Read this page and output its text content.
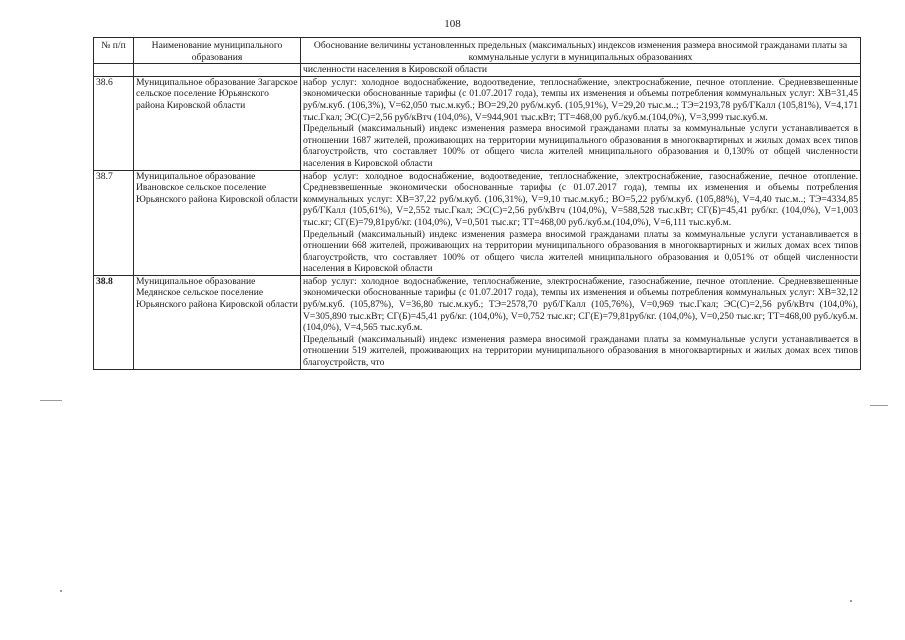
108
№ п/п	Наименование муниципального образования	Обоснование величины установленных предельных (максимальных) индексов изменения размера вносимой гражданами платы за коммунальные услуги в муниципальных образованиях
		численности населения в Кировской области
38.6	Муниципальное образование Загарское сельское поселение Юрьянского района Кировской области	набор услуг: холодное водоснабжение, водоотведение, теплоснабжение, электроснабжение, печное отопление. Средневзвешенные экономически обоснованные тарифы (с 01.07.2017 года), темпы их изменения и объемы потребления коммунальных услуг: ХВ=31,45 руб/м.куб. (106,3%), V=62,050 тыс.м.куб.; ВО=29,20 руб/м.куб. (105,91%), V=29,20 тыс.м..; ТЭ=2193,78 руб/ГКалл (105,81%), V=4,171 тыс.Гкал; ЭС(С)=2,56 руб/кВтч (104,0%), V=944,901 тыс.кВт; ТТ=468,00 руб./куб.м.(104,0%), V=3,999 тыс.куб.м.

Предельный (максимальный) индекс изменения размера вносимой гражданами платы за коммунальные услуги устанавливается в отношении 1687 жителей, проживающих на территории муниципального образования в многоквартирных и жилых домах всех типов благоустройств, что составляет 100% от общего числа жителей мниципального образования и 0,130% от общей численности населения в Кировской области

38.7	Муниципальное образование Ивановское сельское поселение Юрьянского района Кировской области	набор услуг: холодное водоснабжение, водоотведение, теплоснабжение, электроснабжение, газоснабжение, печное отопление. Средневзвешенные экономически обоснованные тарифы (с 01.07.2017 года), темпы их изменения и объемы потребления коммунальных услуг: ХВ=37,22 руб/м.куб. (106,31%), V=9,10 тыс.м.куб.; ВО=5,22 руб/м.куб. (105,88%), V=4,40 тыс.м..; ТЭ=4334,85 руб/ГКалл (105,61%), V=2,552 тыс.Гкал; ЭС(С)=2,56 руб/кВтч (104,0%), V=588,528 тыс.кВт; СГ(Б)=45,41 руб/кг. (104,0%), V=1,003 тыс.кг; СГ(Е)=79,81руб/кг. (104,0%), V=0,501 тыс.кг; ТТ=468,00 руб./куб.м.(104,0%), V=6,111 тыс.куб.м.

Предельный (максимальный) индекс изменения размера вносимой гражданами платы за коммунальные услуги устанавливается в отношении 668 жителей, проживающих на территории муниципального образования в многоквартирных и жилых домах всех типов благоустройств, что составляет 100% от общего числа жителей мниципального образования и 0,051% от общей численности населения в Кировской области

38.8	Муниципальное образование Медянское сельское поселение Юрьянского района Кировской области	набор услуг: холодное водоснабжение, теплоснабжение, электроснабжение, газоснабжение, печное отопление. Средневзвешенные экономически обоснованные тарифы (с 01.07.2017 года), темпы их изменения и объемы потребления коммунальных услуг: ХВ=32,12 руб/м.куб. (105,87%), V=36,80 тыс.м.куб.; ТЭ=2578,70 руб/ГКалл (105,76%), V=0,969 тыс.Гкал; ЭС(С)=2,56 руб/кВтч (104,0%), V=305,890 тыс.кВт; СГ(Б)=45,41 руб/кг. (104,0%), V=0,752 тыс.кг; СГ(Е)=79,81руб/кг. (104,0%), V=0,250 тыс.кг; ТТ=468,00 руб./куб.м.(104,0%), V=4,565 тыс.куб.м.

Предельный (максимальный) индекс изменения размера вносимой гражданами платы за коммунальные услуги устанавливается в отношении 519 жителей, проживающих на территории муниципального образования в многоквартирных и жилых домах всех типов благоустройств, что
